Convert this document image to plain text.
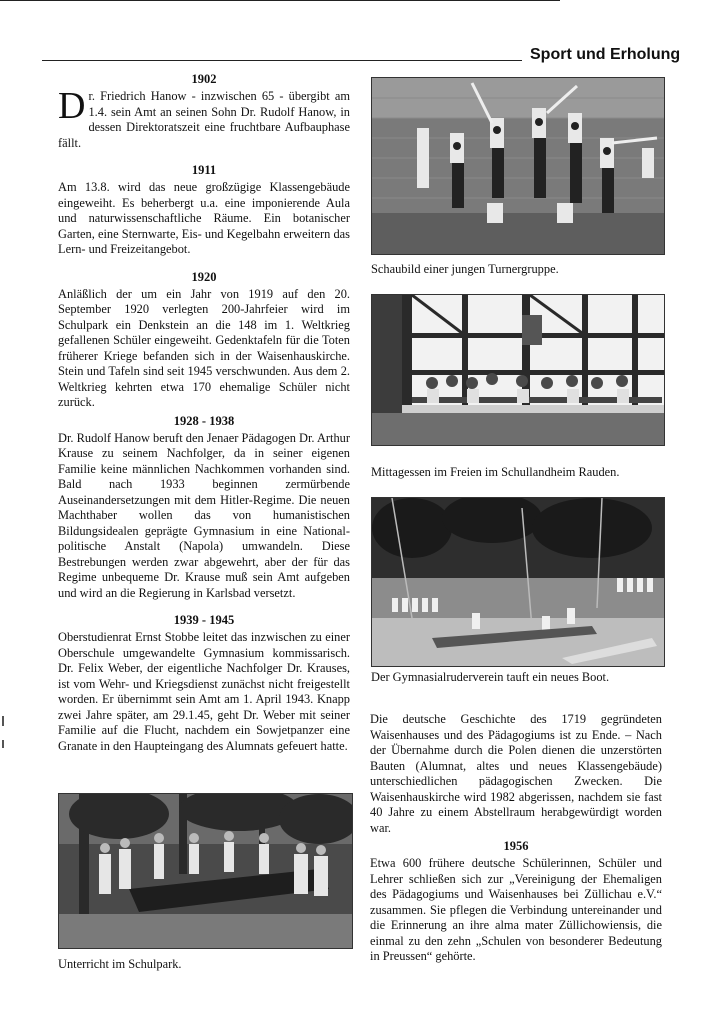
Sport und Erholung
1902

Dr. Friedrich Hanow - inzwischen 65 - übergibt am 1.4. sein Amt an seinen Sohn Dr. Rudolf Hanow, in dessen Direktoratszeit eine fruchtbare Aufbauphase fällt.

1911

Am 13.8. wird das neue großzügige Klassengebäude eingeweiht. Es beherbergt u.a. eine imponierende Aula und naturwissenschaftliche Räume. Ein botanischer Garten, eine Sternwarte, Eis- und Kegelbahn erweitern das Lern- und Freizeitangebot.

1920

Anläßlich der um ein Jahr von 1919 auf den 20. September 1920 verlegten 200-Jahrfeier wird im Schulpark ein Denkstein an die 148 im 1. Weltkrieg gefallenen Schüler eingeweiht. Gedenktafeln für die Toten früherer Kriege befanden sich in der Waisenhauskirche. Stein und Tafeln sind seit 1945 verschwunden. Aus dem 2. Weltkrieg kehrten etwa 170 ehemalige Schüler nicht zurück.

1928 - 1938

Dr. Rudolf Hanow beruft den Jenaer Pädagogen Dr. Arthur Krause zu seinem Nachfolger, da in seiner eigenen Familie keine männlichen Nachkommen vorhanden sind. Bald nach 1933 beginnen zermürbende Auseinandersetzungen mit dem Hitler-Regime. Die neuen Machthaber wollen das von humanistischen Bildungsidealen geprägte Gymnasium in eine National-politische Anstalt (Napola) umwandeln. Diese Bestrebungen werden zwar abgewehrt, aber der für das Regime unbequeme Dr. Krause muß sein Amt aufgeben und wird an die Regierung in Karlsbad versetzt.

1939 - 1945

Oberstudienrat Ernst Stobbe leitet das inzwischen zu einer Oberschule umgewandelte Gymnasium kommissarisch. Dr. Felix Weber, der eigentliche Nachfolger Dr. Krauses, ist vom Wehr- und Kriegsdienst zunächst nicht freigestellt worden. Er übernimmt sein Amt am 1. April 1943. Knapp zwei Jahre später, am 29.1.45, geht Dr. Weber mit seiner Familie auf die Flucht, nachdem ein Sowjetpanzer eine Granate in den Haupteingang des Alumnats gefeuert hatte.

Schaubild einer jungen Turnergruppe.
Mittagessen im Freien im Schullandheim Rauden.
Der Gymnasialruderverein tauft ein neues Boot.
Unterricht im Schulpark.

Die deutsche Geschichte des 1719 gegründeten Waisenhauses und des Pädagogiums ist zu Ende. – Nach der Übernahme durch die Polen dienen die unzerstörten Bauten (Alumnat, altes und neues Klassengebäude) unterschiedlichen pädagogischen Zwecken. Die Waisenhauskirche wird 1982 abgerissen, nachdem sie fast 40 Jahre zu einem Abstellraum herabgewürdigt worden war.

1956

Etwa 600 frühere deutsche Schülerinnen, Schüler und Lehrer schließen sich zur „Vereinigung der Ehemaligen des Pädagogiums und Waisenhauses bei Züllichau e.V.“ zusammen. Sie pflegen die Verbindung untereinander und die Erinnerung an ihre alma mater Züllichowiensis, die einmal zu den zehn „Schulen von besonderer Bedeutung in Preussen“ gehörte.
